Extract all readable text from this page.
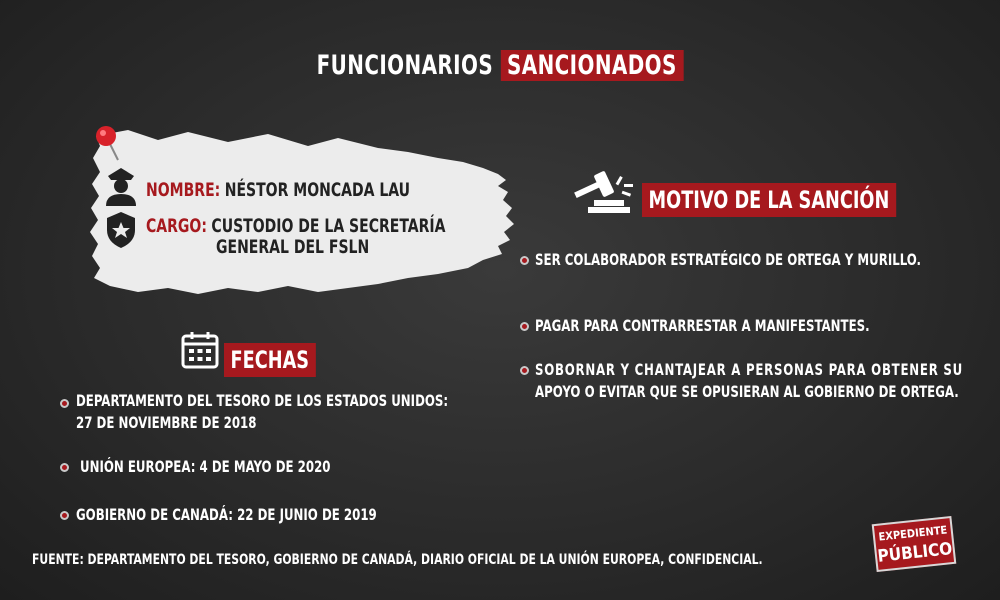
FUNCIONARIOS SANCIONADOS
NOMBRE: NÉSTOR MONCADA LAU
CARGO: CUSTODIO DE LA SECRETARÍA
GENERAL DEL FSLN
FECHAS
DEPARTAMENTO DEL TESORO DE LOS ESTADOS UNIDOS:
27 DE NOVIEMBRE DE 2018
UNIÓN EUROPEA: 4 DE MAYO DE 2020
GOBIERNO DE CANADÁ: 22 DE JUNIO DE 2019
MOTIVO DE LA SANCIÓN
SER COLABORADOR ESTRATÉGICO DE ORTEGA Y MURILLO.
PAGAR PARA CONTRARRESTAR A MANIFESTANTES.
SOBORNAR Y CHANTAJEAR A PERSONAS PARA OBTENER SU
APOYO O EVITAR QUE SE OPUSIERAN AL GOBIERNO DE ORTEGA.
FUENTE: DEPARTAMENTO DEL TESORO, GOBIERNO DE CANADÁ, DIARIO OFICIAL DE LA UNIÓN EUROPEA, CONFIDENCIAL.
EXPEDIENTE
PÚBLICO
